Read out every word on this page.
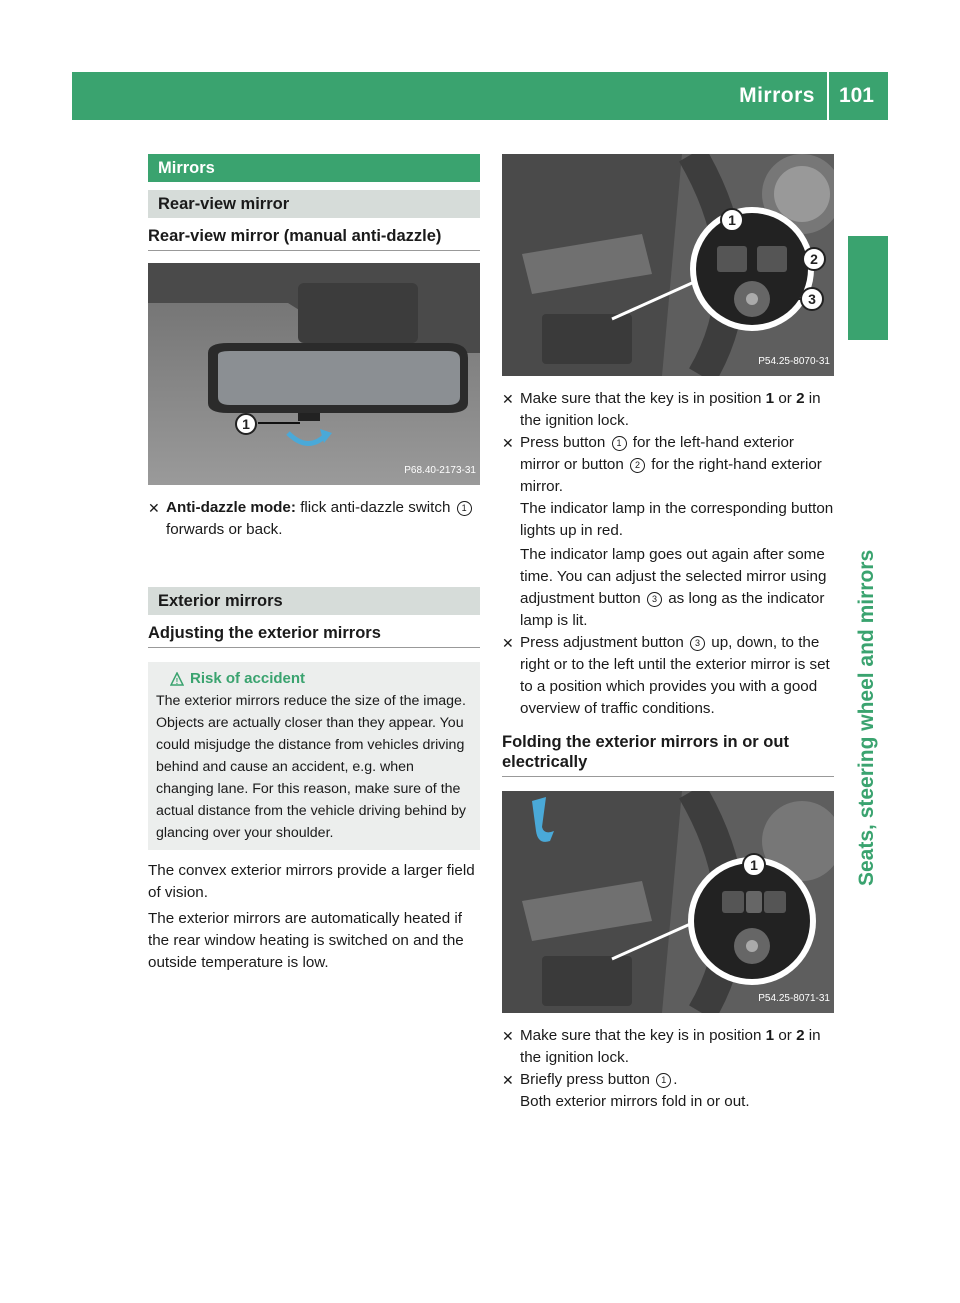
Mirrors	101
Seats, steering wheel and mirrors
Mirrors
Rear-view mirror
Rear-view mirror (manual anti-dazzle)
1
P68.40-2173-31
✕ Anti-dazzle mode: flick anti-dazzle switch 1 forwards or back.

Exterior mirrors
Adjusting the exterior mirrors
! Risk of accident

The exterior mirrors reduce the size of the image. Objects are actually closer than they appear. You could misjudge the distance from vehicles driving behind and cause an accident, e.g. when changing lane. For this reason, make sure of the actual distance from the vehicle driving behind by glancing over your shoulder.

The convex exterior mirrors provide a larger field of vision.

The exterior mirrors are automatically heated if the rear window heating is switched on and the outside temperature is low.

1
2
3
P54.25-8070-31
✕ Make sure that the key is in position 1 or 2 in the ignition lock.

✕ Press button 1 for the left-hand exterior mirror or button 2 for the right-hand exterior mirror.

The indicator lamp in the corresponding button lights up in red.

The indicator lamp goes out again after some time. You can adjust the selected mirror using adjustment button 3 as long as the indicator lamp is lit.

✕ Press adjustment button 3 up, down, to the right or to the left until the exterior mirror is set to a position which provides you with a good overview of traffic conditions.

Folding the exterior mirrors in or out electrically
1
P54.25-8071-31
✕ Make sure that the key is in position 1 or 2 in the ignition lock.

✕ Briefly press button 1 .

Both exterior mirrors fold in or out.
